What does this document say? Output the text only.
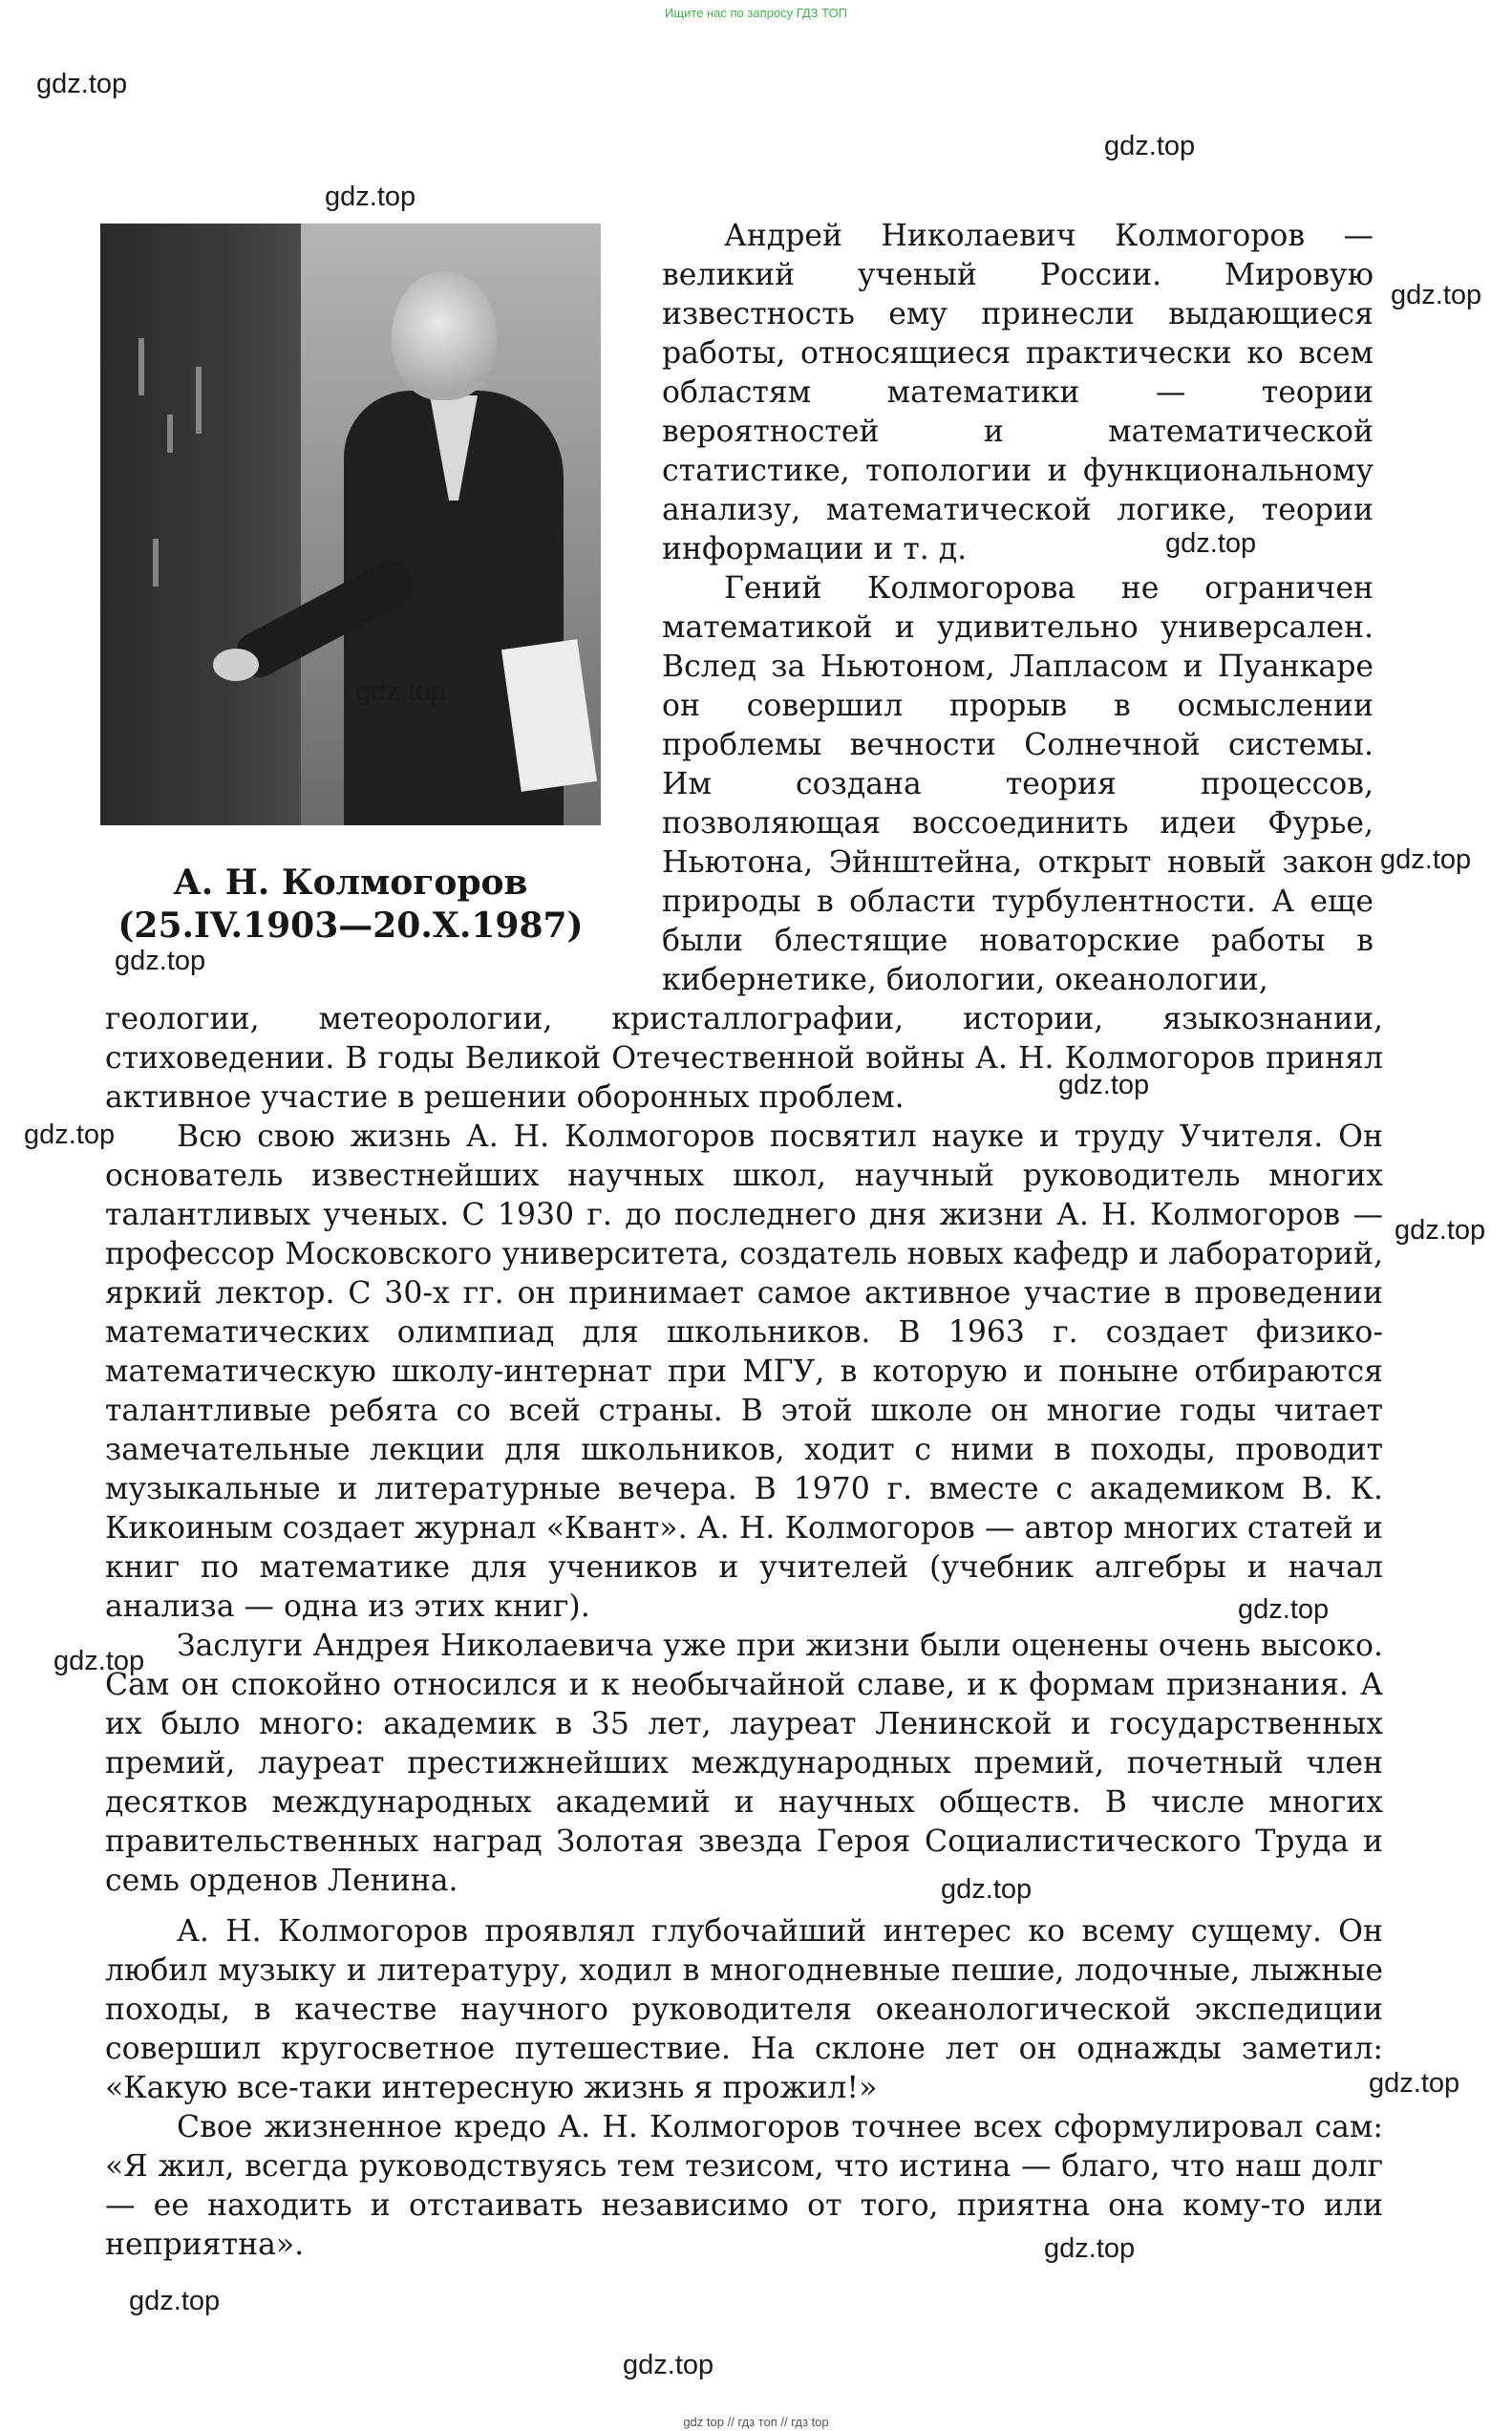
Ищите нас по запросу ГДЗ ТОП
А. Н. Колмогоров
(25.IV.1903—20.X.1987)

Андрей Николаевич Колмогоров — великий ученый России. Мировую известность ему принесли выдающиеся работы, относящиеся практически ко всем областям математики — теории вероятностей и математической статистике, топологии и функциональному анализу, математической логике, теории информации и т. д.

Гений Колмогорова не ограничен математикой и удивительно универсален. Вслед за Ньютоном, Лапласом и Пуанкаре он совершил прорыв в осмыслении проблемы вечности Солнечной системы. Им создана теория процессов, позволяющая воссоединить идеи Фурье, Ньютона, Эйнштейна, открыт новый закон природы в области турбулентности. А еще были блестящие новаторские работы в кибернетике, биологии, океанологии,

геологии, метеорологии, кристаллографии, истории, языкознании, стиховедении. В годы Великой Отечественной войны А. Н. Колмогоров принял активное участие в решении оборонных проблем.

Всю свою жизнь А. Н. Колмогоров посвятил науке и труду Учителя. Он основатель известнейших научных школ, научный руководитель многих талантливых ученых. С 1930 г. до последнего дня жизни А. Н. Колмогоров — профессор Московского университета, создатель новых кафедр и лабораторий, яркий лектор. С 30-х гг. он принимает самое активное участие в проведении математических олимпиад для школьников. В 1963 г. создает физико-математическую школу-интернат при МГУ, в которую и поныне отбираются талантливые ребята со всей страны. В этой школе он многие годы читает замечательные лекции для школьников, ходит с ними в походы, проводит музыкальные и литературные вечера. В 1970 г. вместе с академиком В. К. Кикоиным создает журнал «Квант». А. Н. Колмогоров — автор многих статей и книг по математике для учеников и учителей (учебник алгебры и начал анализа — одна из этих книг).

Заслуги Андрея Николаевича уже при жизни были оценены очень высоко. Сам он спокойно относился и к необычайной славе, и к формам признания. А их было много: академик в 35 лет, лауреат Ленинской и государственных премий, лауреат престижнейших международных премий, почетный член десятков международных академий и научных обществ. В числе многих правительственных наград Золотая звезда Героя Социалистического Труда и семь орденов Ленина.

А. Н. Колмогоров проявлял глубочайший интерес ко всему сущему. Он любил музыку и литературу, ходил в многодневные пешие, лодочные, лыжные походы, в качестве научного руководителя океанологической экспедиции совершил кругосветное путешествие. На склоне лет он однажды заметил: «Какую все-таки интересную жизнь я прожил!»

Свое жизненное кредо А. Н. Колмогоров точнее всех сформулировал сам: «Я жил, всегда руководствуясь тем тезисом, что истина — благо, что наш долг — ее находить и отстаивать независимо от того, приятна она кому-то или неприятна».

gdz.top
gdz.top
gdz.top
gdz.top
gdz.top
gdz.top
gdz.top
gdz.top
gdz.top
gdz.top
gdz.top
gdz.top
gdz.top
gdz.top
gdz.top
gdz.top
gdz.top
gdz.top
gdz top // гдз топ // гдз top
